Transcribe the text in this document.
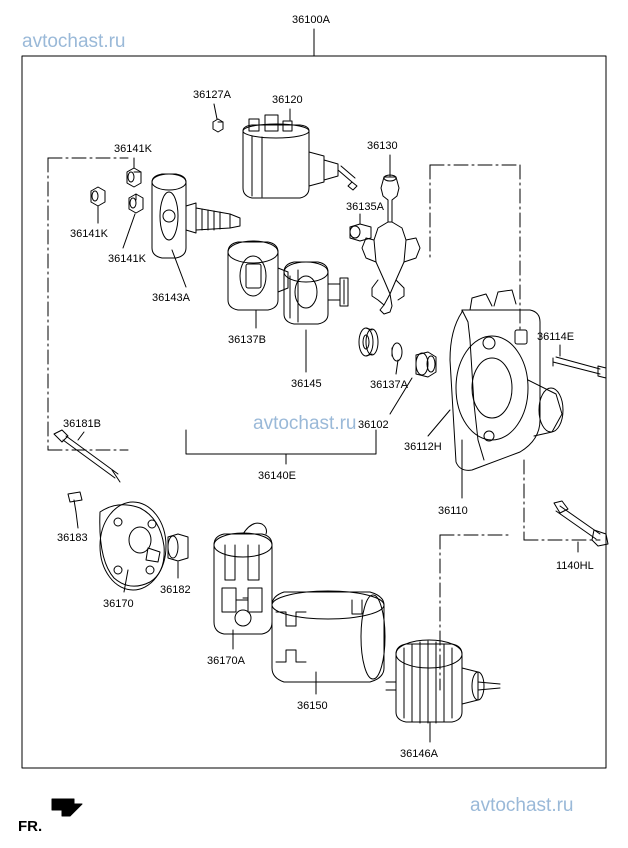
avtochast.ru
avtochast.ru
avtochast.ru
36100A
36127A	36120
36130
36141K
36135A
36141K
36141K
36143A
36137B	36114E
36145	36137A
36102
36181B
36112H
36140E
36110
36183
1140HL
36182
36170
36170A
36150
36146A
FR.
